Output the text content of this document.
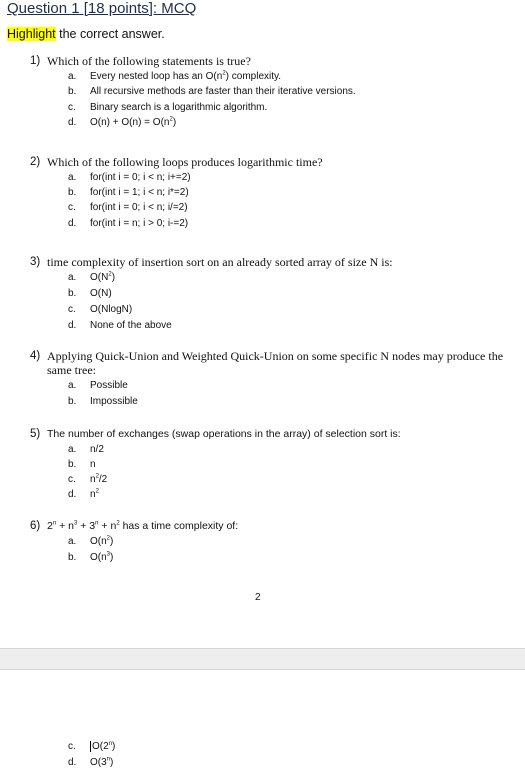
Question 1 [18 points]: MCQ
Highlight the correct answer.
1) Which of the following statements is true?
a. Every nested loop has an $O(n^2)$ complexity.
b. All recursive methods are faster than their iterative versions.
c. Binary search is a logarithmic algorithm.
d. $O(n) + O(n) = O(n^2)$
2) Which of the following loops produces logarithmic time?
a. for(int i = 0; i < n; i+=2)
b. for(int i = 1; i < n; i*=2)
c. for(int i = 0; i < n; i/=2)
d. for(int i = n; i > 0; i-=2)
3) time complexity of insertion sort on an already sorted array of size N is:
a. $O(N^2)$
b. O(N)
c. O(NlogN)
d. None of the above
4) Applying Quick-Union and Weighted Quick-Union on some specific N nodes may produce the
same tree:
a. Possible
b. Impossible
5) The number of exchanges (swap operations in the array) of selection sort is:
a. n/2
b. n
c. $n^2/2$
d. $n^2$
6) $2^n + n^3 + 3^n + n^2$ has a time complexity of:
a. $O(n^2)$
b. $O(n^3)$
2
c. O(2$^n$)
d. O(3$^n$)
